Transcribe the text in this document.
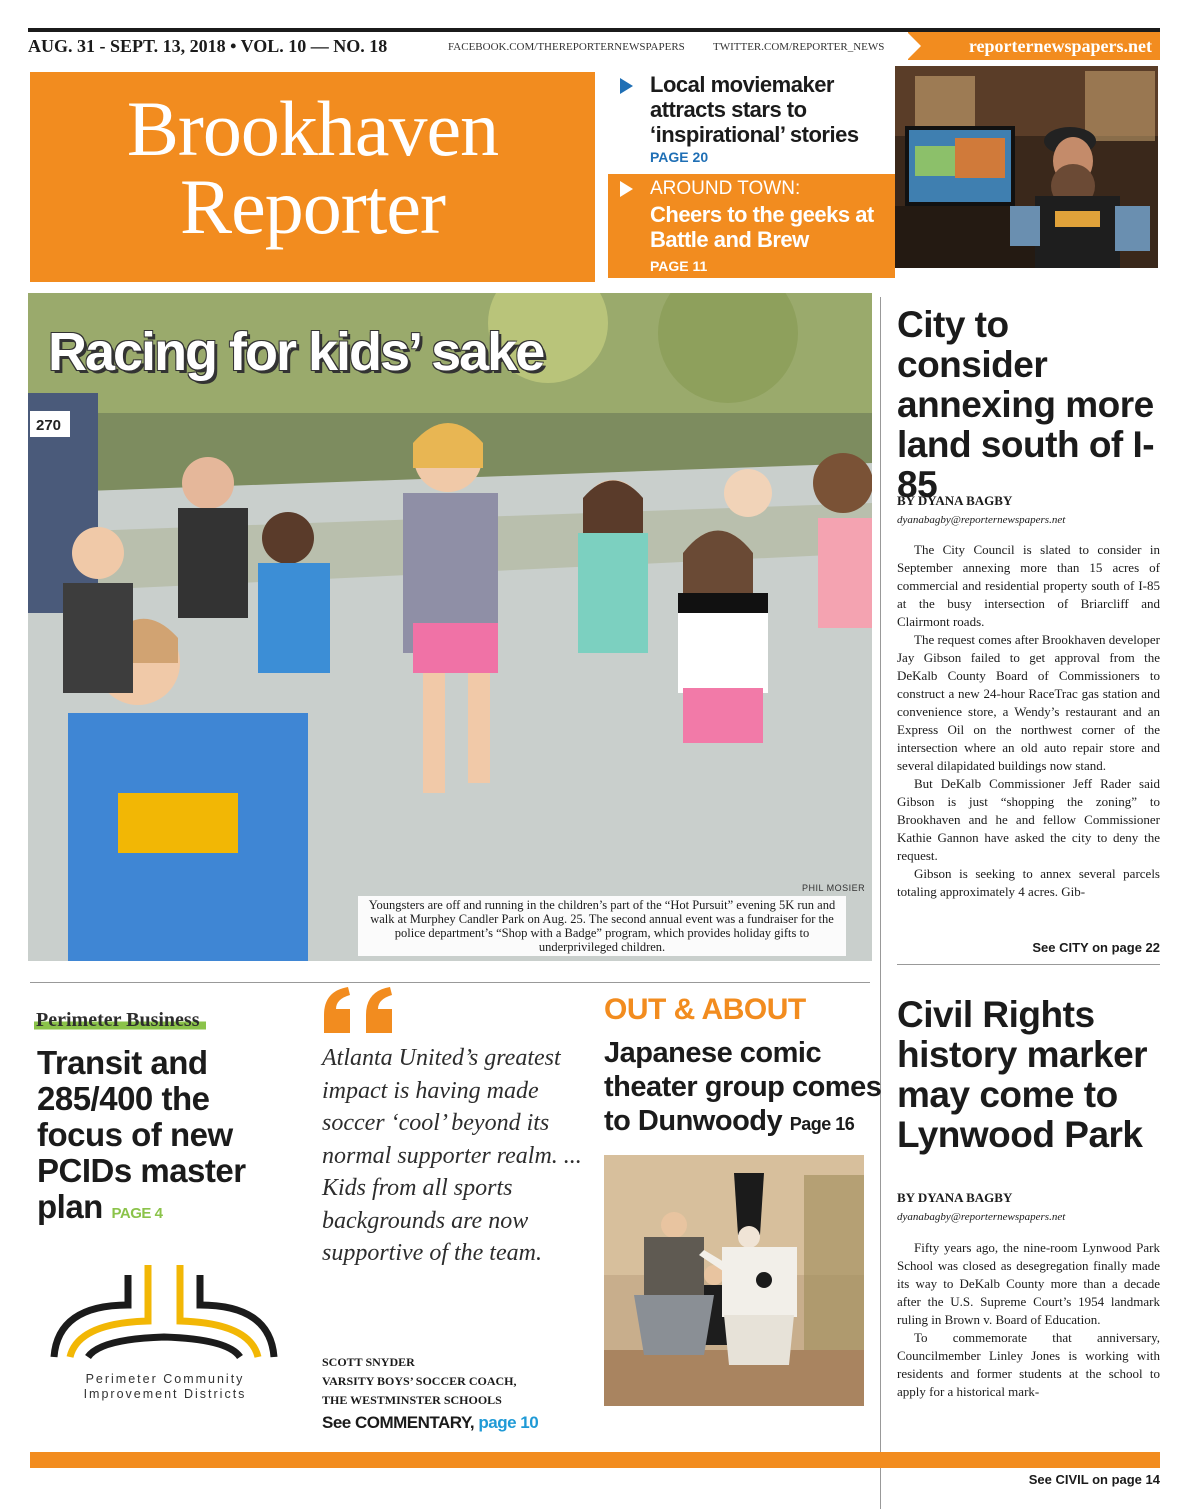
AUG. 31 - SEPT. 13, 2018 • VOL. 10 — NO. 18	FACEBOOK.COM/THEREPORTERNEWSPAPERS	TWITTER.COM/REPORTER_NEWS	reporternewspapers.net
Brookhaven
Reporter
Local moviemaker attracts stars to ‘inspirational’ stories
PAGE 20
AROUND TOWN:
Cheers to the geeks at Battle and Brew
PAGE 11
270
Racing for kids’ sake
PHIL MOSIER
Youngsters are off and running in the children’s part of the “Hot Pursuit” evening 5K run and walk at Murphey Candler Park on Aug. 25. The second annual event was a fundraiser for the police department’s “Shop with a Badge” program, which provides holiday gifts to underprivileged children.
City to consider annexing more land south of I-85
BY DYANA BAGBY
dyanabagby@reporternewspapers.net

The City Council is slated to consider in September annexing more than 15 acres of commercial and residential property south of I-85 at the busy intersection of Briarcliff and Clairmont roads.

The request comes after Brookhaven developer Jay Gibson failed to get approval from the DeKalb County Board of Commissioners to construct a new 24-hour RaceTrac gas station and convenience store, a Wendy’s restaurant and an Express Oil on the northwest corner of the intersection where an old auto repair store and several dilapidated buildings now stand.

But DeKalb Commissioner Jeff Rader said Gibson is just “shopping the zoning” to Brookhaven and he and fellow Commissioner Kathie Gannon have asked the city to deny the request.

Gibson is seeking to annex several parcels totaling approximately 4 acres. Gib-

See CITY on page 22
Civil Rights history marker may come to Lynwood Park
BY DYANA BAGBY
dyanabagby@reporternewspapers.net

Fifty years ago, the nine-room Lynwood Park School was closed as desegregation finally made its way to DeKalb County more than a decade after the U.S. Supreme Court’s 1954 landmark ruling in Brown v. Board of Education.

To commemorate that anniversary, Councilmember Linley Jones is working with residents and former students at the school to apply for a historical mark-

See CIVIL on page 14
Perimeter Business
Transit and 285/400 the focus of new PCIDs master plan PAGE 4
Perimeter Community
Improvement Districts
Atlanta United’s greatest impact is having made soccer ‘cool’ beyond its normal supporter realm. ... Kids from all sports backgrounds are now supportive of the team.
SCOTT SNYDER
VARSITY BOYS’ SOCCER COACH,
THE WESTMINSTER SCHOOLS
See COMMENTARY, page 10
OUT & ABOUT
Japanese comic theater group comes to Dunwoody Page 16
